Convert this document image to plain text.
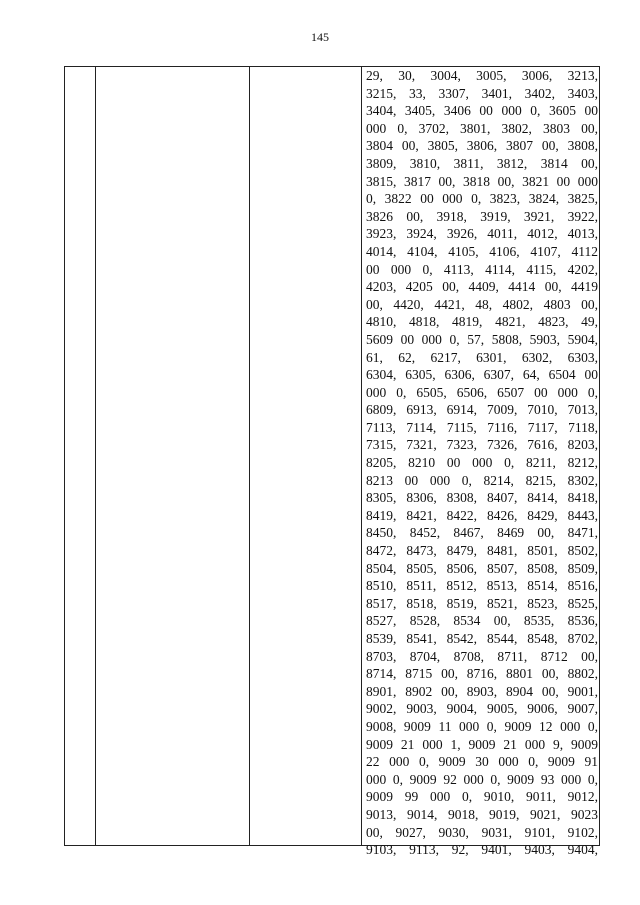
145
29, 30, 3004, 3005, 3006, 3213,
3215, 33, 3307, 3401, 3402, 3403,
3404, 3405, 3406 00 000 0, 3605 00
000 0, 3702, 3801, 3802, 3803 00,
3804 00, 3805, 3806, 3807 00, 3808,
3809, 3810, 3811, 3812, 3814 00,
3815, 3817 00, 3818 00, 3821 00 000
0, 3822 00 000 0, 3823, 3824, 3825,
3826 00, 3918, 3919, 3921, 3922,
3923, 3924, 3926, 4011, 4012, 4013,
4014, 4104, 4105, 4106, 4107, 4112
00 000 0, 4113, 4114, 4115, 4202,
4203, 4205 00, 4409, 4414 00, 4419
00, 4420, 4421, 48, 4802, 4803 00,
4810, 4818, 4819, 4821, 4823, 49,
5609 00 000 0, 57, 5808, 5903, 5904,
61, 62, 6217, 6301, 6302, 6303,
6304, 6305, 6306, 6307, 64, 6504 00
000 0, 6505, 6506, 6507 00 000 0,
6809, 6913, 6914, 7009, 7010, 7013,
7113, 7114, 7115, 7116, 7117, 7118,
7315, 7321, 7323, 7326, 7616, 8203,
8205, 8210 00 000 0, 8211, 8212,
8213 00 000 0, 8214, 8215, 8302,
8305, 8306, 8308, 8407, 8414, 8418,
8419, 8421, 8422, 8426, 8429, 8443,
8450, 8452, 8467, 8469 00, 8471,
8472, 8473, 8479, 8481, 8501, 8502,
8504, 8505, 8506, 8507, 8508, 8509,
8510, 8511, 8512, 8513, 8514, 8516,
8517, 8518, 8519, 8521, 8523, 8525,
8527, 8528, 8534 00, 8535, 8536,
8539, 8541, 8542, 8544, 8548, 8702,
8703, 8704, 8708, 8711, 8712 00,
8714, 8715 00, 8716, 8801 00, 8802,
8901, 8902 00, 8903, 8904 00, 9001,
9002, 9003, 9004, 9005, 9006, 9007,
9008, 9009 11 000 0, 9009 12 000 0,
9009 21 000 1, 9009 21 000 9, 9009
22 000 0, 9009 30 000 0, 9009 91
000 0, 9009 92 000 0, 9009 93 000 0,
9009 99 000 0, 9010, 9011, 9012,
9013, 9014, 9018, 9019, 9021, 9023
00, 9027, 9030, 9031, 9101, 9102,
9103, 9113, 92, 9401, 9403, 9404,
